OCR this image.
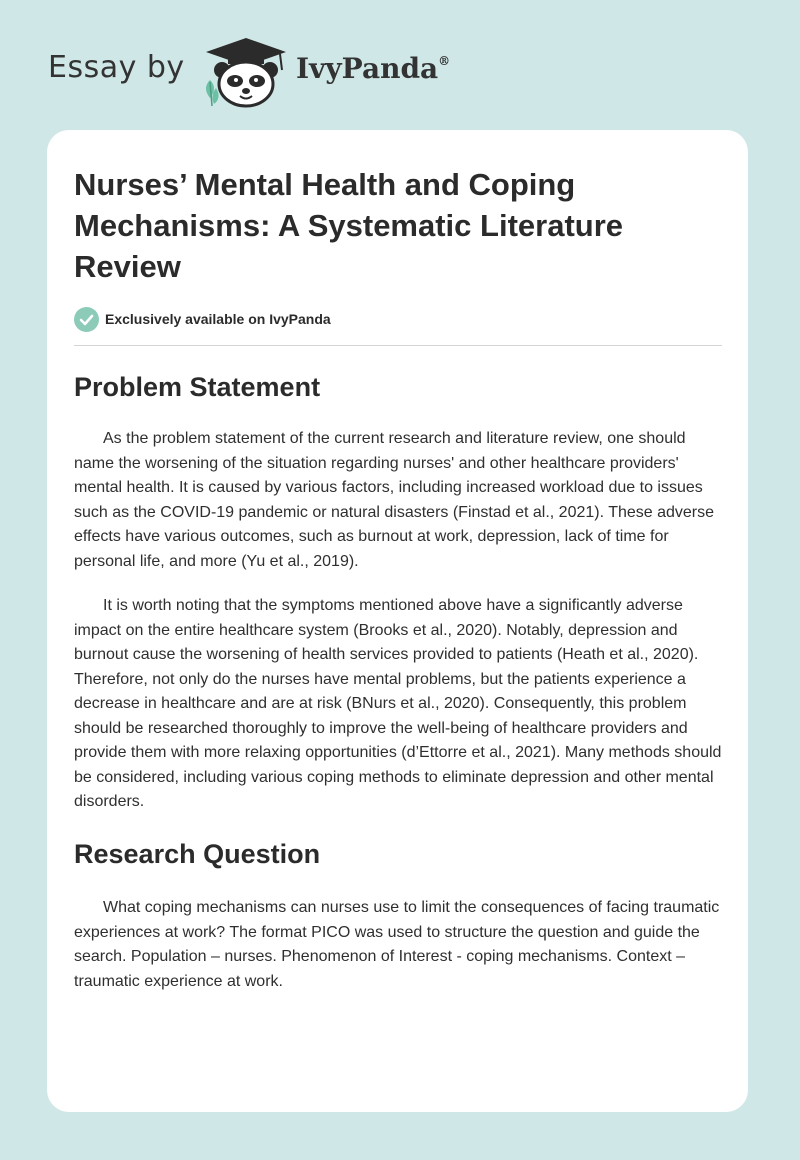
Essay by	IvyPanda®
Nurses’ Mental Health and Coping Mechanisms: A Systematic Literature Review
Exclusively available on IvyPanda
Problem Statement

As the problem statement of the current research and literature review, one should name the worsening of the situation regarding nurses' and other healthcare providers' mental health. It is caused by various factors, including increased workload due to issues such as the COVID-19 pandemic or natural disasters (Finstad et al., 2021). These adverse effects have various outcomes, such as burnout at work, depression, lack of time for personal life, and more (Yu et al., 2019).

It is worth noting that the symptoms mentioned above have a significantly adverse impact on the entire healthcare system (Brooks et al., 2020). Notably, depression and burnout cause the worsening of health services provided to patients (Heath et al., 2020). Therefore, not only do the nurses have mental problems, but the patients experience a decrease in healthcare and are at risk (BNurs et al., 2020). Consequently, this problem should be researched thoroughly to improve the well-being of healthcare providers and provide them with more relaxing opportunities (d’Ettorre et al., 2021). Many methods should be considered, including various coping methods to eliminate depression and other mental disorders.

Research Question

What coping mechanisms can nurses use to limit the consequences of facing traumatic experiences at work? The format PICO was used to structure the question and guide the search. Population – nurses. Phenomenon of Interest - coping mechanisms. Context – traumatic experience at work.
